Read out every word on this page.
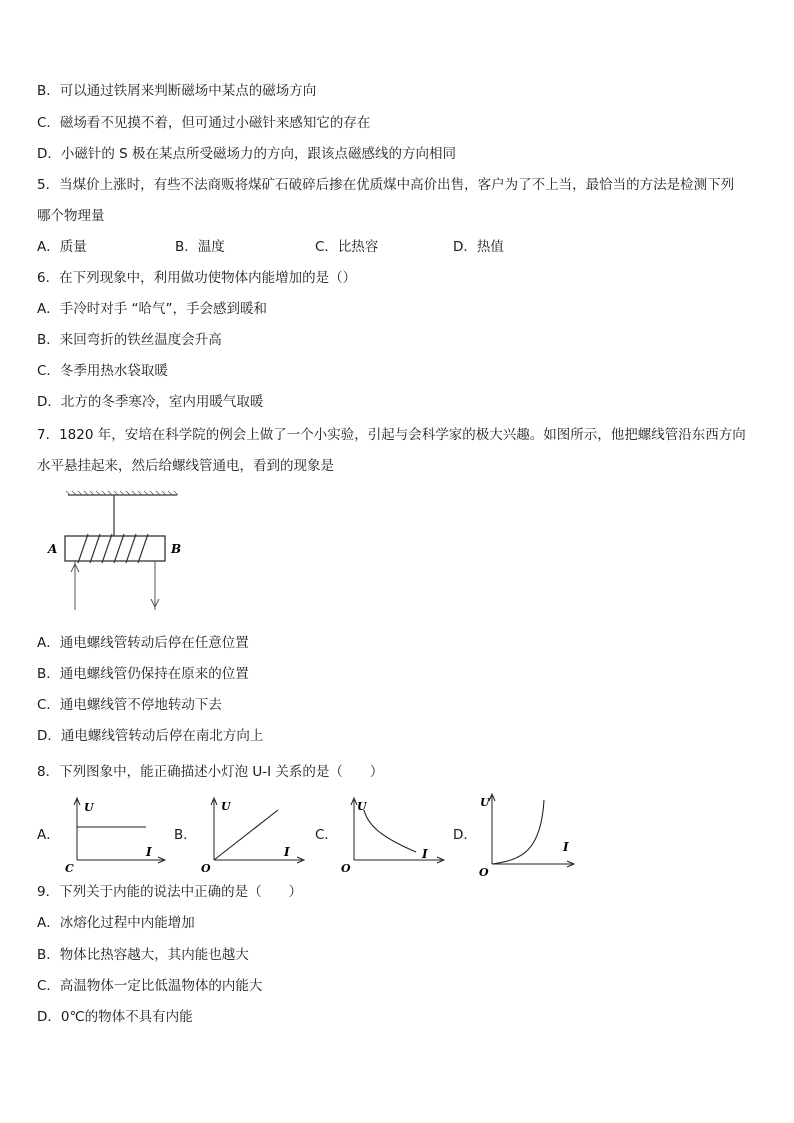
B．可以通过铁屑来判断磁场中某点的磁场方向
C．磁场看不见摸不着，但可通过小磁针来感知它的存在
D．小磁针的 S 极在某点所受磁场力的方向，跟该点磁感线的方向相同
5．当煤价上涨时，有些不法商贩将煤矿石破碎后掺在优质煤中高价出售，客户为了不上当，最恰当的方法是检测下列
哪个物理量
A．质量	B．温度	C．比热容	D．热值
6．在下列现象中，利用做功使物体内能增加的是（）
A．手冷时对手 “哈气”，手会感到暖和
B．来回弯折的铁丝温度会升高
C．冬季用热水袋取暖
D．北方的冬季寒冷，室内用暖气取暖
7．1820 年，安培在科学院的例会上做了一个小实验，引起与会科学家的极大兴趣。如图所示，他把螺线管沿东西方向
水平悬挂起来，然后给螺线管通电，看到的现象是
A	B
A．通电螺线管转动后停在任意位置
B．通电螺线管仍保持在原来的位置
C．通电螺线管不停地转动下去
D．通电螺线管转动后停在南北方向上
8．下列图象中，能正确描述小灯泡 U-I 关系的是（　　）
A．
U
I
C
B．
U
I
O
C．
U
I
O
D．
U
I
O
9．下列关于内能的说法中正确的是（　　）
A．冰熔化过程中内能增加
B．物体比热容越大，其内能也越大
C．高温物体一定比低温物体的内能大
D．0℃的物体不具有内能
